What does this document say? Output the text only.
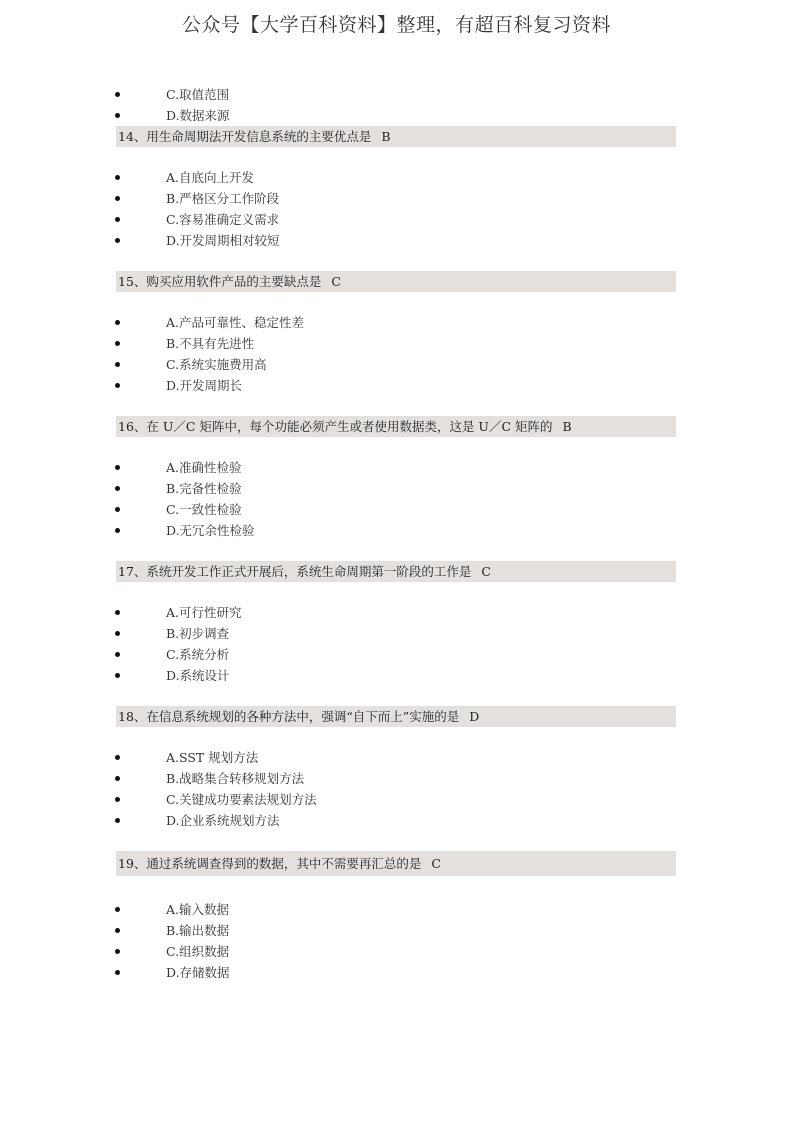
公众号【大学百科资料】整理，有超百科复习资料
C.取值范围
D.数据来源
14、用生命周期法开发信息系统的主要优点是 B
A.自底向上开发
B.严格区分工作阶段
C.容易准确定义需求
D.开发周期相对较短
15、购买应用软件产品的主要缺点是 C
A.产品可靠性、稳定性差
B.不具有先进性
C.系统实施费用高
D.开发周期长
16、在 U／C 矩阵中，每个功能必须产生或者使用数据类，这是 U／C 矩阵的 B
A.准确性检验
B.完备性检验
C.一致性检验
D.无冗余性检验
17、系统开发工作正式开展后，系统生命周期第一阶段的工作是 C
A.可行性研究
B.初步调查
C.系统分析
D.系统设计
18、在信息系统规划的各种方法中，强调“自下而上”实施的是 D
A.SST 规划方法
B.战略集合转移规划方法
C.关键成功要素法规划方法
D.企业系统规划方法
19、通过系统调查得到的数据，其中不需要再汇总的是 C
A.输入数据
B.输出数据
C.组织数据
D.存储数据
